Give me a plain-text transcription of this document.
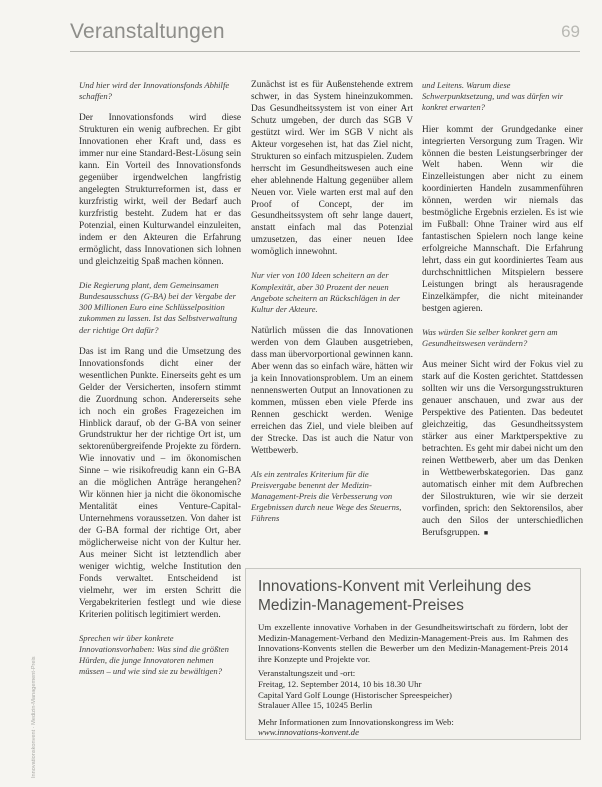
Veranstaltungen	69
Innovationskonvent · Medizin-Management-Preis

Und hier wird der Innovationsfonds Abhilfe schaffen?

Der Innovationsfonds wird diese Strukturen ein wenig aufbrechen. Er gibt Innovationen eher Kraft und, dass es immer nur eine Standard-Best-Lösung sein kann. Ein Vorteil des Innovationsfonds gegenüber irgendwelchen langfristig angelegten Strukturreformen ist, dass er kurzfristig wirkt, weil der Bedarf auch kurzfristig besteht. Zudem hat er das Potenzial, einen Kulturwandel einzuleiten, indem er den Akteuren die Erfahrung ermöglicht, dass Innovationen sich lohnen und gleichzeitig Spaß machen können.

Die Regierung plant, dem Gemeinsamen Bundesausschuss (G-BA) bei der Vergabe der 300 Millionen Euro eine Schlüsselposition zukommen zu lassen. Ist das Selbstverwaltung der richtige Ort dafür?

Das ist im Rang und die Umsetzung des Innovationsfonds dicht einer der wesentlichen Punkte. Einerseits geht es um Gelder der Versicherten, insofern stimmt die Zuordnung schon. Andererseits sehe ich noch ein großes Fragezeichen im Hinblick darauf, ob der G-BA von seiner Grundstruktur her der richtige Ort ist, um sektorenübergreifende Projekte zu fördern. Wie innovativ und – im ökonomischen Sinne – wie risikofreudig kann ein G-BA an die möglichen Anträge herangehen? Wir können hier ja nicht die ökonomische Mentalität eines Venture-Capital-Unternehmens voraussetzen. Von daher ist der G-BA formal der richtige Ort, aber möglicherweise nicht von der Kultur her. Aus meiner Sicht ist letztendlich aber weniger wichtig, welche Institution den Fonds verwaltet. Entscheidend ist vielmehr, wer im ersten Schritt die Vergabekriterien festlegt und wie diese Kriterien politisch legitimiert werden.

Sprechen wir über konkrete Innovationsvorhaben: Was sind die größten Hürden, die junge Innovatoren nehmen müssen – und wie sind sie zu bewältigen?

Zunächst ist es für Außenstehende extrem schwer, in das System hineinzukommen. Das Gesundheitssystem ist von einer Art Schutz umgeben, der durch das SGB V gestützt wird. Wer im SGB V nicht als Akteur vorgesehen ist, hat das Ziel nicht, Strukturen so einfach mitzuspielen. Zudem herrscht im Gesundheitswesen auch eine eher ablehnende Haltung gegenüber allem Neuen vor. Viele warten erst mal auf den Proof of Concept, der im Gesundheitssystem oft sehr lange dauert, anstatt einfach mal das Potenzial umzusetzen, das einer neuen Idee womöglich innewohnt.

Nur vier von 100 Ideen scheitern an der Komplexität, aber 30 Prozent der neuen Angebote scheitern an Rückschlägen in der Kultur der Akteure.

Natürlich müssen die das Innovationen werden von dem Glauben ausgetrieben, dass man übervorportional gewinnen kann. Aber wenn das so einfach wäre, hätten wir ja kein Innovationsproblem. Um an einem nennenswerten Output an Innovationen zu kommen, müssen eben viele Pferde ins Rennen geschickt werden. Wenige erreichen das Ziel, und viele bleiben auf der Strecke. Das ist auch die Natur von Wettbewerb.

Als ein zentrales Kriterium für die Preisvergabe benennt der Medizin-Management-Preis die Verbesserung von Ergebnissen durch neue Wege des Steuerns, Führens

und Leitens. Warum diese Schwerpunktsetzung, und was dürfen wir konkret erwarten?

Hier kommt der Grundgedanke einer integrierten Versorgung zum Tragen. Wir können die besten Leistungserbringer der Welt haben. Wenn wir die Einzelleistungen aber nicht zu einem koordinierten Handeln zusammenführen können, werden wir niemals das bestmögliche Ergebnis erzielen. Es ist wie im Fußball: Ohne Trainer wird aus elf fantastischen Spielern noch lange keine erfolgreiche Mannschaft. Die Erfahrung lehrt, dass ein gut koordiniertes Team aus durchschnittlichen Mitspielern bessere Leistungen bringt als herausragende Einzelkämpfer, die nicht miteinander bestgen agieren.

Was würden Sie selber konkret gern am Gesundheitswesen verändern?

Aus meiner Sicht wird der Fokus viel zu stark auf die Kosten gerichtet. Stattdessen sollten wir uns die Versorgungsstrukturen genauer anschauen, und zwar aus der Perspektive des Patienten. Das bedeutet gleichzeitig, das Gesundheitssystem stärker aus einer Marktperspektive zu betrachten. Es geht mir dabei nicht um den reinen Wettbewerb, aber um das Denken in Wettbewerbskategorien. Das ganz automatisch einher mit dem Aufbrechen der Silostrukturen, wie wir sie derzeit vorfinden, sprich: den Sektorensilos, aber auch den Silos der unterschiedlichen Berufsgruppen. ■

Innovations-Konvent mit Verleihung des Medizin-Management-Preises
Um exzellente innovative Vorhaben in der Gesundheitswirtschaft zu fördern, lobt der Medizin-Management-Verband den Medizin-Management-Preis aus. Im Rahmen des Innovations-Konvents stellen die Bewerber um den Medizin-Management-Preis 2014 ihre Konzepte und Projekte vor.
Veranstaltungszeit und -ort:
Freitag, 12. September 2014, 10 bis 18.30 Uhr
Capital Yard Golf Lounge (Historischer Spreespeicher)
Stralauer Allee 15, 10245 Berlin
Mehr Informationen zum Innovationskongress im Web:
www.innovations-konvent.de
